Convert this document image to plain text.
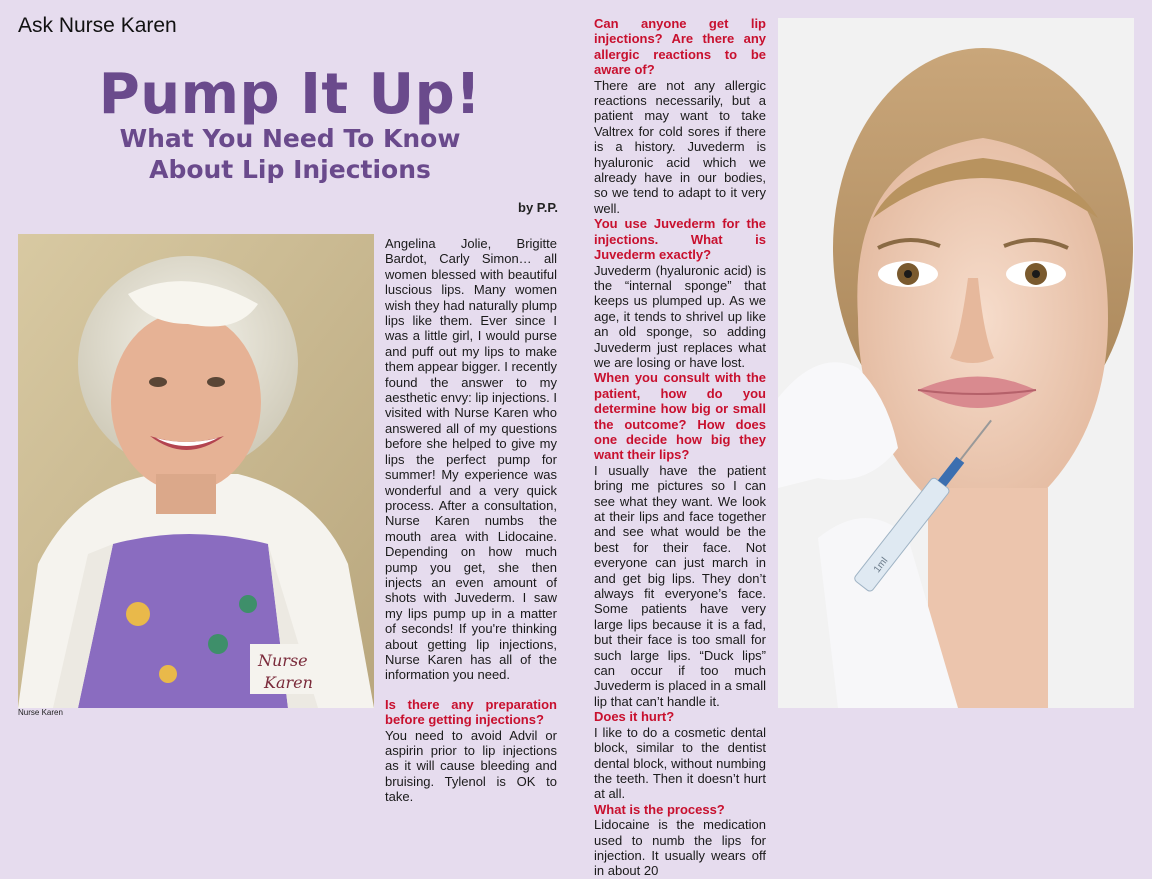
Ask Nurse Karen
Pump It Up!
What You Need To Know
About Lip Injections
by P.P.
Nurse
Karen
Nurse Karen

Angelina Jolie, Brigitte Bardot, Carly Simon… all women blessed with beautiful luscious lips. Many women wish they had naturally plump lips like them. Ever since I was a little girl, I would purse and puff out my lips to make them appear bigger. I recently found the answer to my aesthetic envy: lip injections. I visited with Nurse Karen who answered all of my questions before she helped to give my lips the perfect pump for summer! My experience was wonderful and a very quick process. After a consultation, Nurse Karen numbs the mouth area with Lidocaine. Depending on how much pump you get, she then injects an even amount of shots with Juvederm. I saw my lips pump up in a matter of seconds! If you're thinking about getting lip injections, Nurse Karen has all of the information you need.

Is there any preparation before getting injections?

You need to avoid Advil or aspirin prior to lip injections as it will cause bleeding and bruising. Tylenol is OK to take.

Can anyone get lip injections? Are there any allergic reactions to be aware of?

There are not any allergic reactions necessarily, but a patient may want to take Valtrex for cold sores if there is a history. Juvederm is hyaluronic acid which we already have in our bodies, so we tend to adapt to it very well.

You use Juvederm for the injections. What is Juvederm exactly?

Juvederm (hyaluronic acid) is the “internal sponge” that keeps us plumped up. As we age, it tends to shrivel up like an old sponge, so adding Juvederm just replaces what we are losing or have lost.

When you consult with the patient, how do you determine how big or small the outcome? How does one decide how big they want their lips?

I usually have the patient bring me pictures so I can see what they want. We look at their lips and face together and see what would be the best for their face. Not everyone can just march in and get big lips. They don’t always fit everyone’s face. Some patients have very large lips because it is a fad, but their face is too small for such large lips. “Duck lips” can occur if too much Juvederm is placed in a small lip that can’t handle it.

Does it hurt?

I like to do a cosmetic dental block, similar to the dentist dental block, without numbing the teeth. Then it doesn’t hurt at all.

What is the process?

Lidocaine is the medication used to numb the lips for injection. It usually wears off in about 20

1ml
